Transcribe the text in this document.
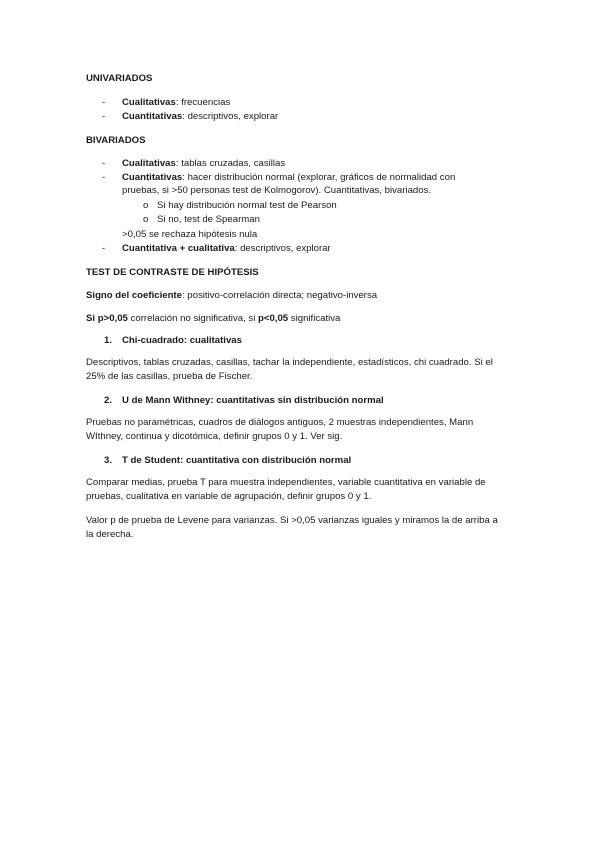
UNIVARIADOS
- Cualitativas: frecuencias
- Cuantitativas: descriptivos, explorar
BIVARIADOS
- Cualitativas: tablas cruzadas, casillas
- Cuantitativas: hacer distribución normal (explorar, gráficos de normalidad con
pruebas, si >50 personas test de Kolmogorov). Cuantitativas, bivariados.
o Si hay distribución normal test de Pearson
o Si no, test de Spearman
>0,05 se rechaza hipótesis nula
- Cuantitativa + cualitativa: descriptivos, explorar
TEST DE CONTRASTE DE HIPÓTESIS
Signo del coeficiente: positivo-correlación directa; negativo-inversa
Si p>0,05 correlación no significativa, si p<0,05 significativa
1. Chi-cuadrado: cualitativas
Descriptivos, tablas cruzadas, casillas, tachar la independiente, estadísticos, chi cuadrado. Si el
25% de las casillas, prueba de Fischer.
2. U de Mann Withney: cuantitativas sin distribución normal
Pruebas no paramétricas, cuadros de diálogos antiguos, 2 muestras independientes, Mann
WIthney, continua y dicotómica, definir grupos 0 y 1. Ver sig.
3. T de Student: cuantitativa con distribución normal
Comparar medias, prueba T para muestra independientes, variable cuantitativa en variable de
pruebas, cualitativa en variable de agrupación, definir grupos 0 y 1.
Valor p de prueba de Levene para varianzas. Si >0,05 varianzas iguales y miramos la de arriba a
la derecha.
